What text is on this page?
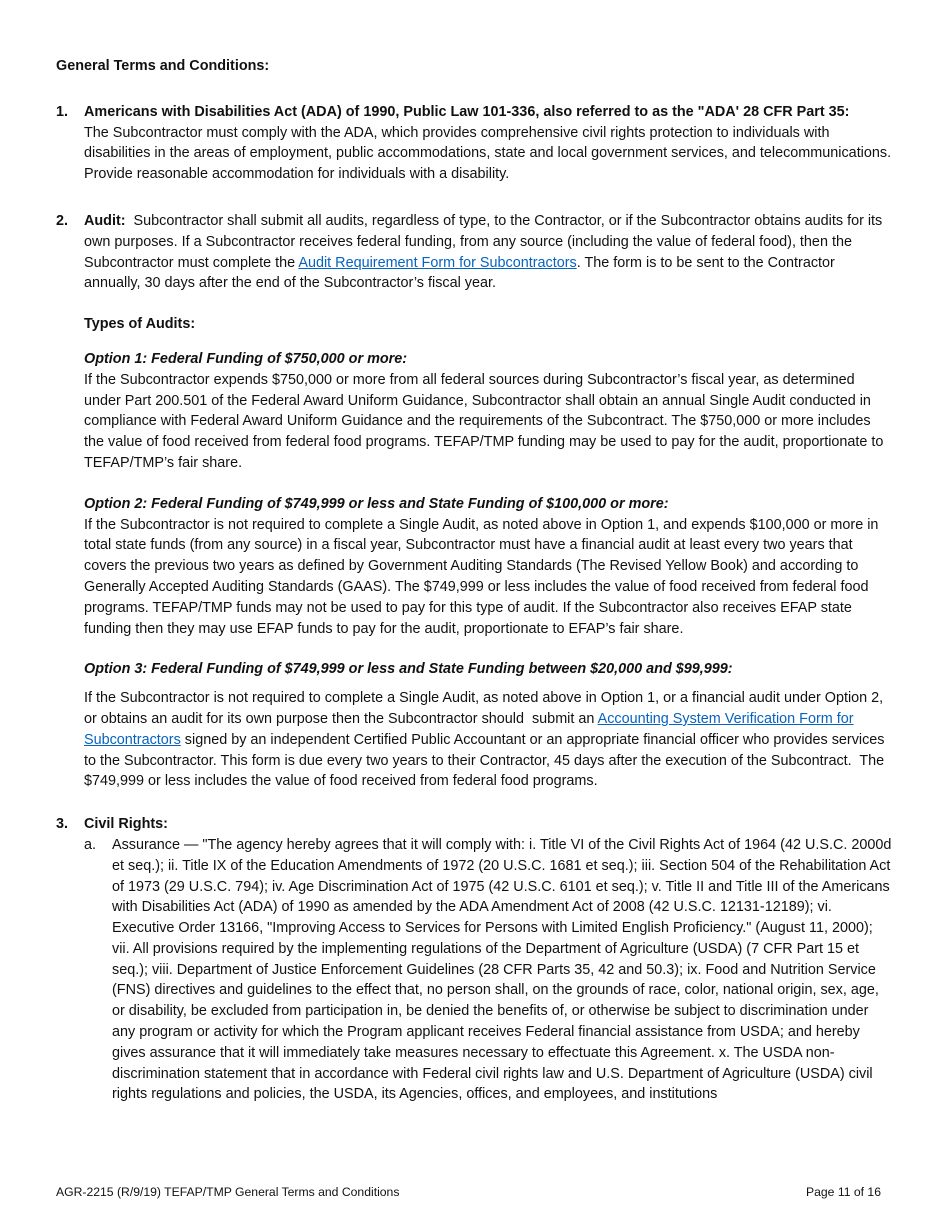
General Terms and Conditions:

1. Americans with Disabilities Act (ADA) of 1990, Public Law 101-336, also referred to as the "ADA' 28 CFR Part 35:
The Subcontractor must comply with the ADA, which provides comprehensive civil rights protection to individuals with disabilities in the areas of employment, public accommodations, state and local government services, and telecommunications. Provide reasonable accommodation for individuals with a disability.

2. Audit:  Subcontractor shall submit all audits, regardless of type, to the Contractor, or if the Subcontractor obtains audits for its own purposes. If a Subcontractor receives federal funding, from any source (including the value of federal food), then the Subcontractor must complete the Audit Requirement Form for Subcontractors. The form is to be sent to the Contractor annually, 30 days after the end of the Subcontractor’s fiscal year.

Types of Audits:

Option 1: Federal Funding of $750,000 or more:

If the Subcontractor expends $750,000 or more from all federal sources during Subcontractor’s fiscal year, as determined under Part 200.501 of the Federal Award Uniform Guidance, Subcontractor shall obtain an annual Single Audit conducted in compliance with Federal Award Uniform Guidance and the requirements of the Subcontract. The $750,000 or more includes the value of food received from federal food programs. TEFAP/TMP funding may be used to pay for the audit, proportionate to TEFAP/TMP’s fair share.

Option 2: Federal Funding of $749,999 or less and State Funding of $100,000 or more:

If the Subcontractor is not required to complete a Single Audit, as noted above in Option 1, and expends $100,000 or more in total state funds (from any source) in a fiscal year, Subcontractor must have a financial audit at least every two years that covers the previous two years as defined by Government Auditing Standards (The Revised Yellow Book) and according to Generally Accepted Auditing Standards (GAAS). The $749,999 or less includes the value of food received from federal food programs. TEFAP/TMP funds may not be used to pay for this type of audit. If the Subcontractor also receives EFAP state funding then they may use EFAP funds to pay for the audit, proportionate to EFAP’s fair share.

Option 3: Federal Funding of $749,999 or less and State Funding between $20,000 and $99,999:

If the Subcontractor is not required to complete a Single Audit, as noted above in Option 1, or a financial audit under Option 2, or obtains an audit for its own purpose then the Subcontractor should  submit an Accounting System Verification Form for Subcontractors signed by an independent Certified Public Accountant or an appropriate financial officer who provides services to the Subcontractor. This form is due every two years to their Contractor, 45 days after the execution of the Subcontract.  The $749,999 or less includes the value of food received from federal food programs.

3. Civil Rights:

a. Assurance — "The agency hereby agrees that it will comply with: i. Title VI of the Civil Rights Act of 1964 (42 U.S.C. 2000d et seq.); ii. Title IX of the Education Amendments of 1972 (20 U.S.C. 1681 et seq.); iii. Section 504 of the Rehabilitation Act of 1973 (29 U.S.C. 794); iv. Age Discrimination Act of 1975 (42 U.S.C. 6101 et seq.); v. Title II and Title III of the Americans with Disabilities Act (ADA) of 1990 as amended by the ADA Amendment Act of 2008 (42 U.S.C. 12131-12189); vi. Executive Order 13166, "Improving Access to Services for Persons with Limited English Proficiency." (August 11, 2000); vii. All provisions required by the implementing regulations of the Department of Agriculture (USDA) (7 CFR Part 15 et seq.); viii. Department of Justice Enforcement Guidelines (28 CFR Parts 35, 42 and 50.3); ix. Food and Nutrition Service (FNS) directives and guidelines to the effect that, no person shall, on the grounds of race, color, national origin, sex, age, or disability, be excluded from participation in, be denied the benefits of, or otherwise be subject to discrimination under any program or activity for which the Program applicant receives Federal financial assistance from USDA; and hereby gives assurance that it will immediately take measures necessary to effectuate this Agreement. x. The USDA non-discrimination statement that in accordance with Federal civil rights law and U.S. Department of Agriculture (USDA) civil rights regulations and policies, the USDA, its Agencies, offices, and employees, and institutions

AGR-2215 (R/9/19) TEFAP/TMP General Terms and Conditions	Page 11 of 16
